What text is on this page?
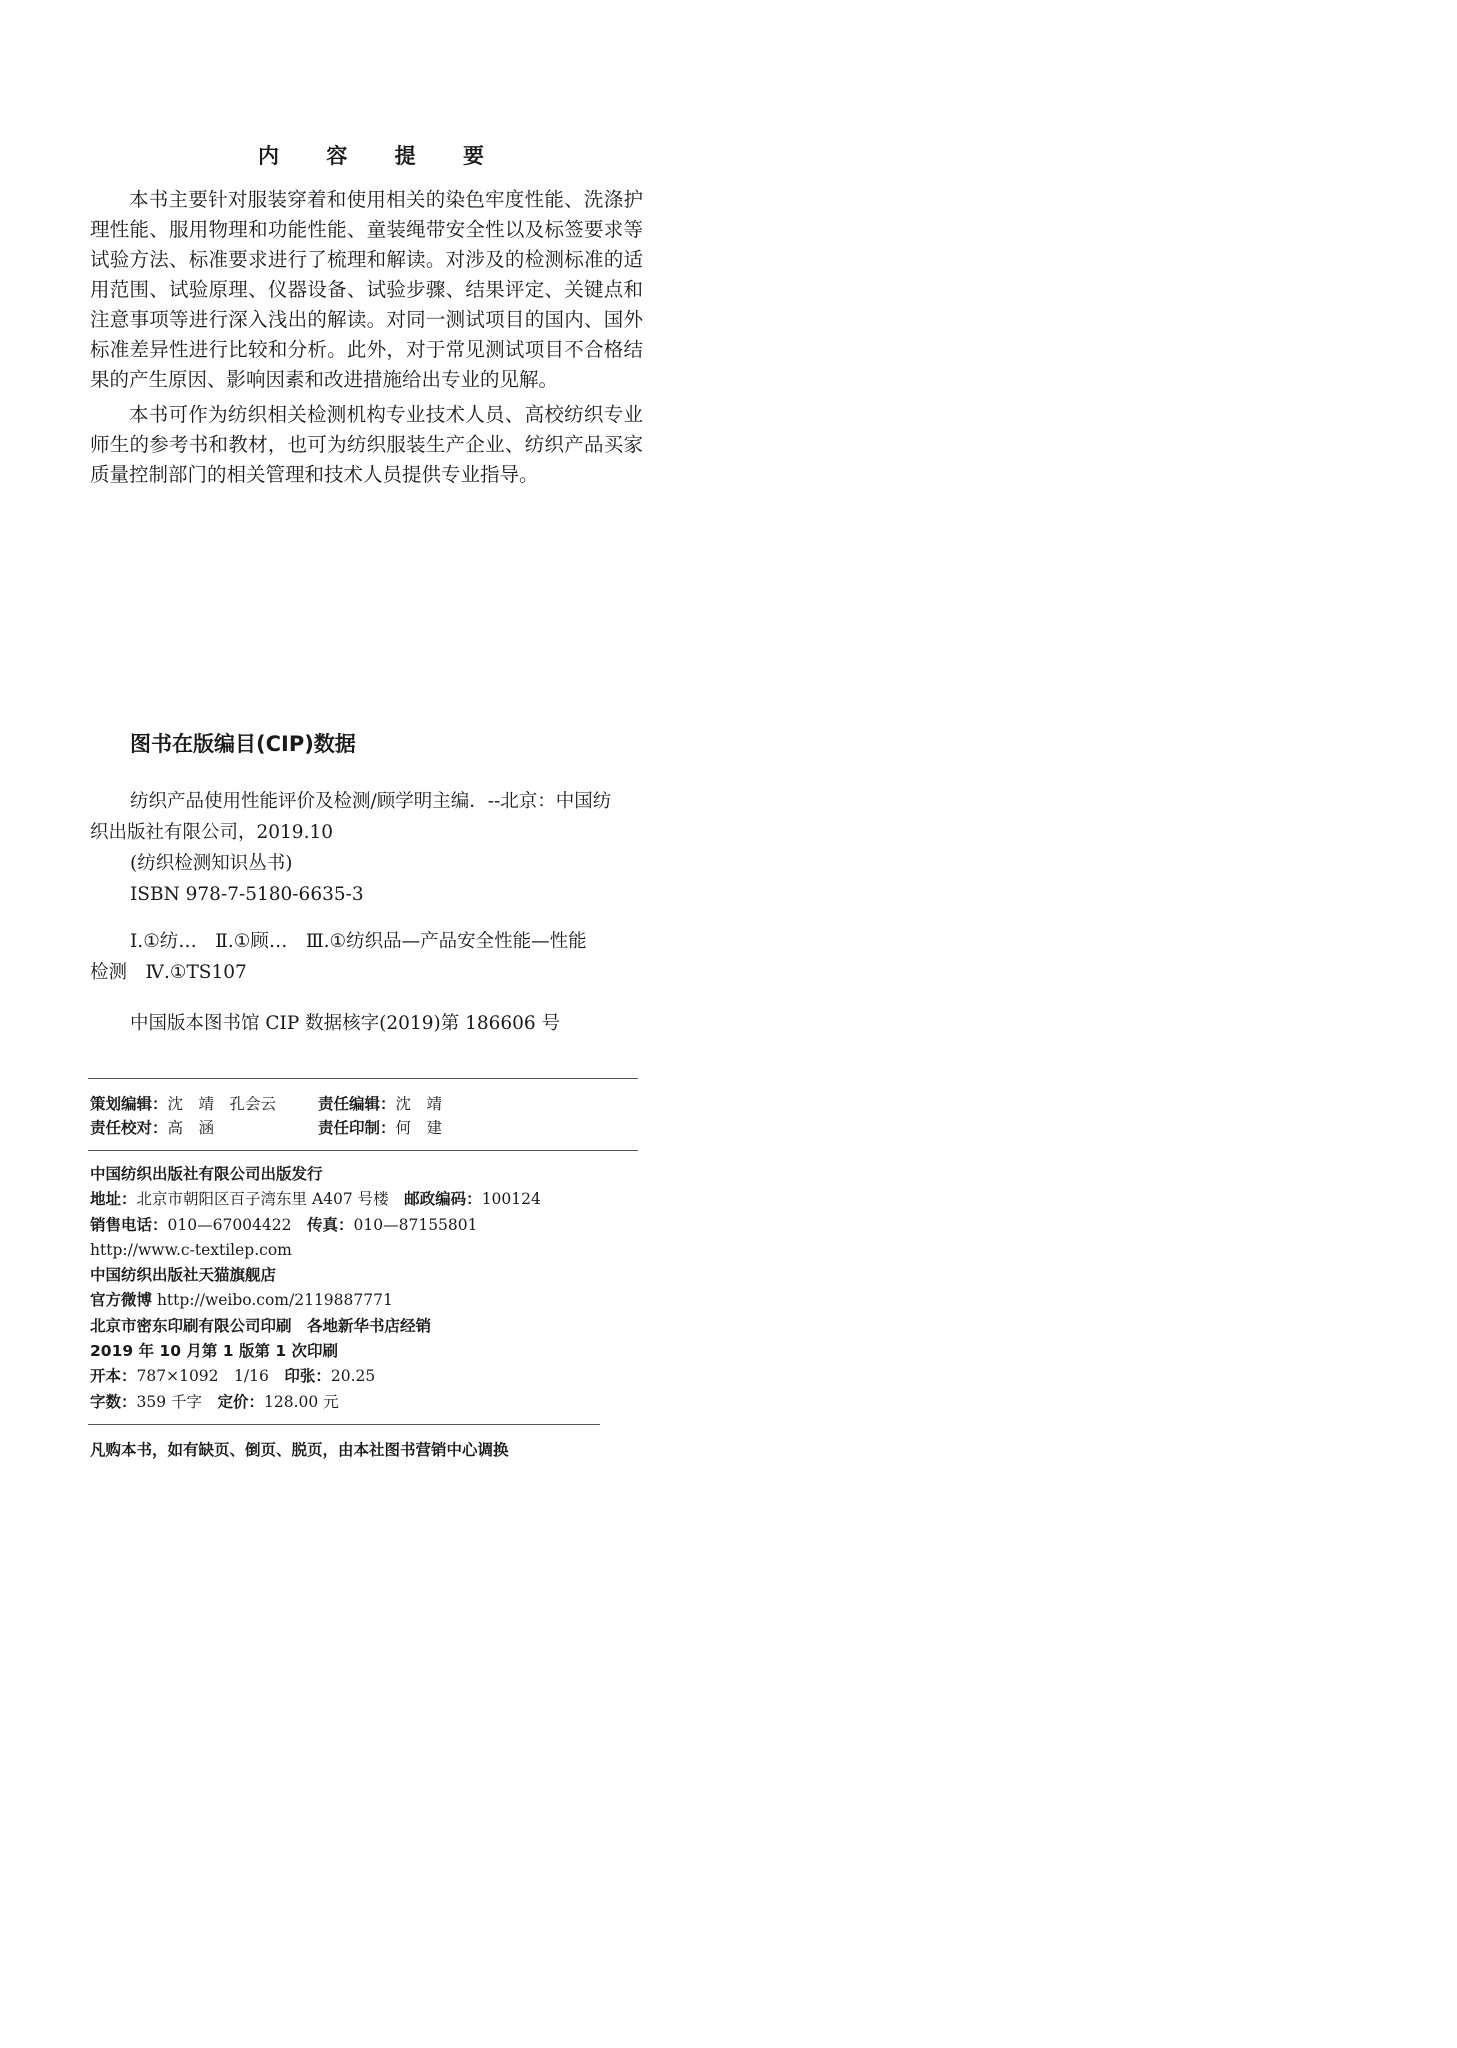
内 容 提 要

本书主要针对服装穿着和使用相关的染色牢度性能、洗涤护理性能、服用物理和功能性能、童装绳带安全性以及标签要求等试验方法、标准要求进行了梳理和解读。对涉及的检测标准的适用范围、试验原理、仪器设备、试验步骤、结果评定、关键点和注意事项等进行深入浅出的解读。对同一测试项目的国内、国外标准差异性进行比较和分析。此外，对于常见测试项目不合格结果的产生原因、影响因素和改进措施给出专业的见解。

本书可作为纺织相关检测机构专业技术人员、高校纺织专业师生的参考书和教材，也可为纺织服装生产企业、纺织产品买家质量控制部门的相关管理和技术人员提供专业指导。

图书在版编目(CIP)数据
纺织产品使用性能评价及检测/顾学明主编．--北京：中国纺
织出版社有限公司，2019.10
(纺织检测知识丛书)
ISBN 978-7-5180-6635-3
Ⅰ.①纺…　Ⅱ.①顾…　Ⅲ.①纺织品—产品安全性能—性能
检测　Ⅳ.①TS107
中国版本图书馆 CIP 数据核字(2019)第 186606 号
策划编辑：沈　靖　孔会云	责任编辑：沈　靖
责任校对：高　涵	责任印制：何　建
中国纺织出版社有限公司出版发行
地址：北京市朝阳区百子湾东里 A407 号楼　 邮政编码：100124
销售电话：010—67004422　 传真：010—87155801
http://www.c-textilep.com
中国纺织出版社天猫旗舰店
官方微博 http://weibo.com/2119887771
北京市密东印刷有限公司印刷　各地新华书店经销
2019 年 10 月第 1 版第 1 次印刷
开本：787×1092　1/16　印张：20.25
字数：359 千字　定价：128.00 元
凡购本书，如有缺页、倒页、脱页，由本社图书营销中心调换
